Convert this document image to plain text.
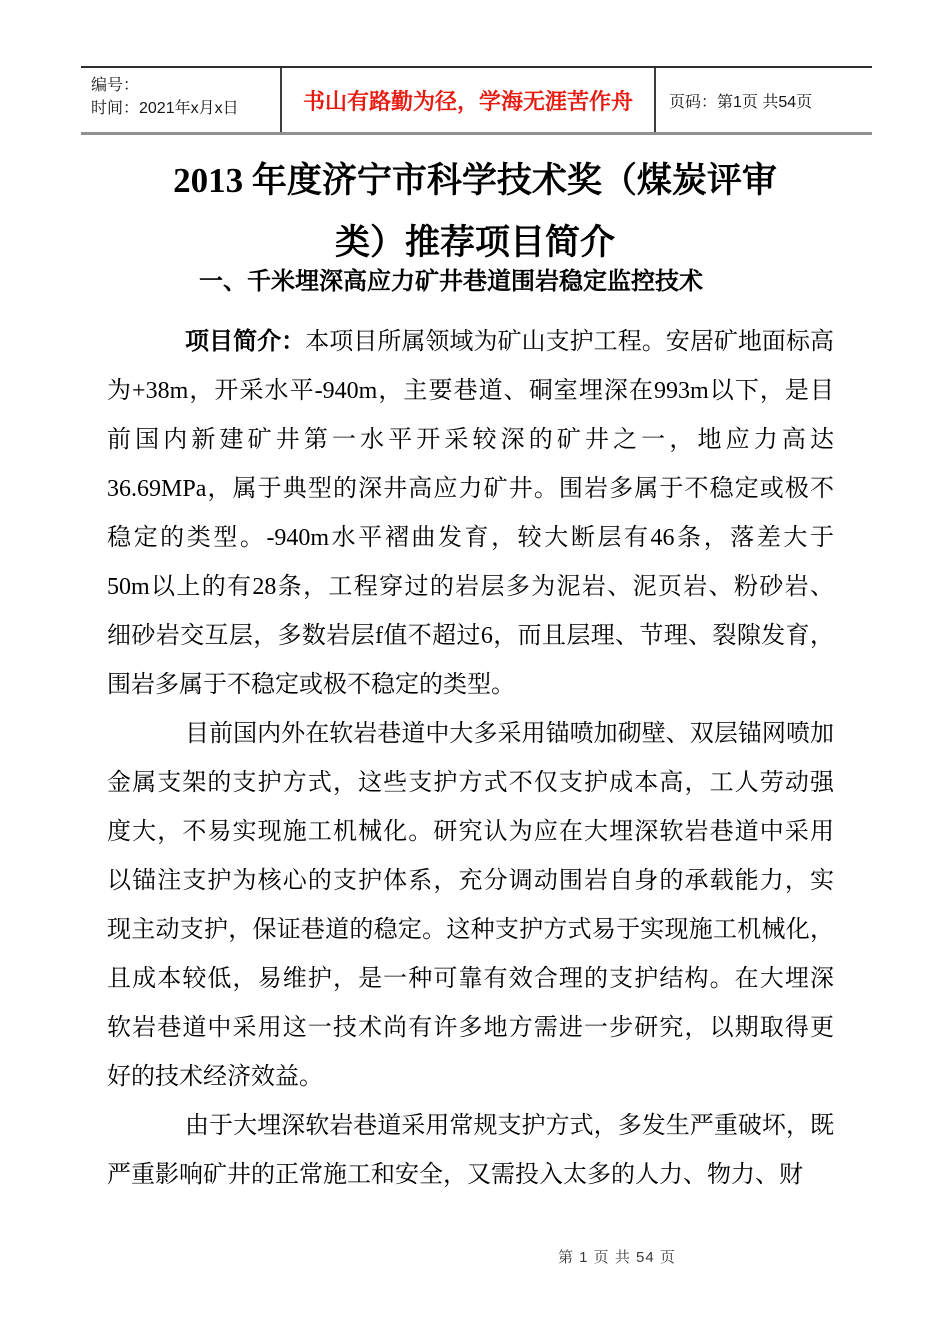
编号：
时间：2021年x月x日	书山有路勤为径，学海无涯苦作舟 页码：第1页 共54页
2013 年度济宁市科学技术奖（煤炭评审
类）推荐项目简介
一、千米埋深高应力矿井巷道围岩稳定监控技术
项目简介：本项目所属领域为矿山支护工程。安居矿地面标高
为+38m，开采水平-940m，主要巷道、硐室埋深在993m以下，是目
前国内新建矿井第一水平开采较深的矿井之一，地应力高达
36.69MPa，属于典型的深井高应力矿井。围岩多属于不稳定或极不
稳定的类型。-940m水平褶曲发育，较大断层有46条，落差大于
50m以上的有28条，工程穿过的岩层多为泥岩、泥页岩、粉砂岩、
细砂岩交互层，多数岩层f值不超过6，而且层理、节理、裂隙发育，
围岩多属于不稳定或极不稳定的类型。
目前国内外在软岩巷道中大多采用锚喷加砌壁、双层锚网喷加
金属支架的支护方式，这些支护方式不仅支护成本高，工人劳动强
度大，不易实现施工机械化。研究认为应在大埋深软岩巷道中采用
以锚注支护为核心的支护体系，充分调动围岩自身的承载能力，实
现主动支护，保证巷道的稳定。这种支护方式易于实现施工机械化，
且成本较低，易维护，是一种可靠有效合理的支护结构。在大埋深
软岩巷道中采用这一技术尚有许多地方需进一步研究，以期取得更
好的技术经济效益。
由于大埋深软岩巷道采用常规支护方式，多发生严重破坏，既
严重影响矿井的正常施工和安全，又需投入太多的人力、物力、财
第 1 页 共 54 页
